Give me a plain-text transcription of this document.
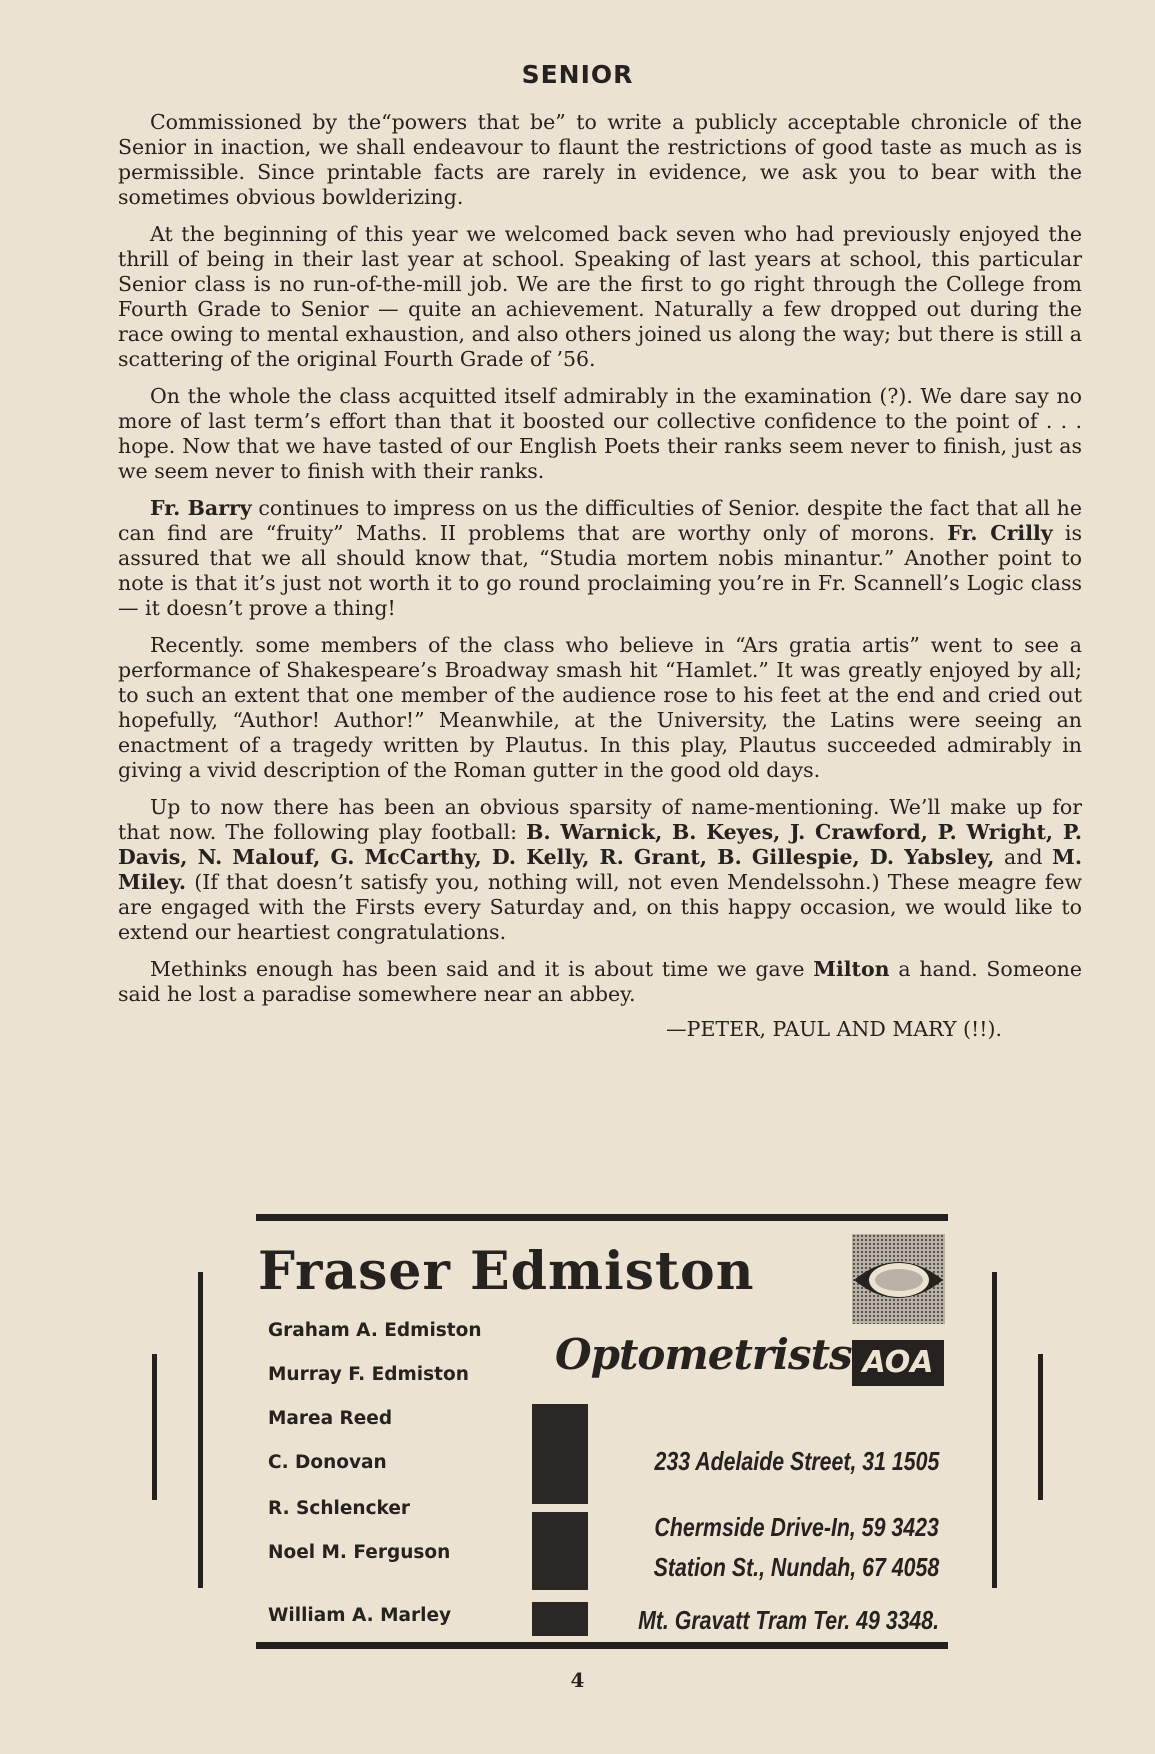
SENIOR

Commissioned by the“powers that be” to write a publicly acceptable chronicle of the Senior in inaction, we shall endeavour to flaunt the restrictions of good taste as much as is permissible. Since printable facts are rarely in evidence, we ask you to bear with the sometimes obvious bowlderizing.

At the beginning of this year we welcomed back seven who had previously enjoyed the thrill of being in their last year at school. Speaking of last years at school, this particular Senior class is no run-of-the-mill job. We are the first to go right through the College from Fourth Grade to Senior — quite an achievement. Naturally a few dropped out during the race owing to mental exhaustion, and also others joined us along the way; but there is still a scattering of the original Fourth Grade of ’56.

On the whole the class acquitted itself admirably in the examination (?). We dare say no more of last term’s effort than that it boosted our collective confidence to the point of . . . hope. Now that we have tasted of our English Poets their ranks seem never to finish, just as we seem never to finish with their ranks.

Fr. Barry continues to impress on us the difficulties of Senior. despite the fact that all he can find are “fruity” Maths. II problems that are worthy only of morons. Fr. Crilly is assured that we all should know that, “Studia mortem nobis minantur.” Another point to note is that it’s just not worth it to go round proclaiming you’re in Fr. Scannell’s Logic class — it doesn’t prove a thing!

Recently. some members of the class who believe in “Ars gratia artis” went to see a performance of Shakespeare’s Broadway smash hit “Hamlet.” It was greatly enjoyed by all; to such an extent that one member of the audience rose to his feet at the end and cried out hopefully, “Author! Author!” Meanwhile, at the University, the Latins were seeing an enactment of a tragedy written by Plautus. In this play, Plautus succeeded admirably in giving a vivid description of the Roman gutter in the good old days.

Up to now there has been an obvious sparsity of name-mentioning. We’ll make up for that now. The following play football: B. Warnick, B. Keyes, J. Crawford, P. Wright, P. Davis, N. Malouf, G. McCarthy, D. Kelly, R. Grant, B. Gillespie, D. Yabsley, and M. Miley. (If that doesn’t satisfy you, nothing will, not even Mendelssohn.) These meagre few are engaged with the Firsts every Saturday and, on this happy occasion, we would like to extend our heartiest congratulations.

Methinks enough has been said and it is about time we gave Milton a hand. Someone said he lost a paradise somewhere near an abbey.

—PETER, PAUL AND MARY (!!).
Fraser Edmiston
AOA
Optometrists
Graham A. Edmiston
Murray F. Edmiston
Marea Reed
C. Donovan
R. Schlencker
Noel M. Ferguson
William A. Marley
233 Adelaide Street, 31 1505
Chermside Drive-In, 59 3423
Station St., Nundah, 67 4058
Mt. Gravatt Tram Ter. 49 3348.
4
